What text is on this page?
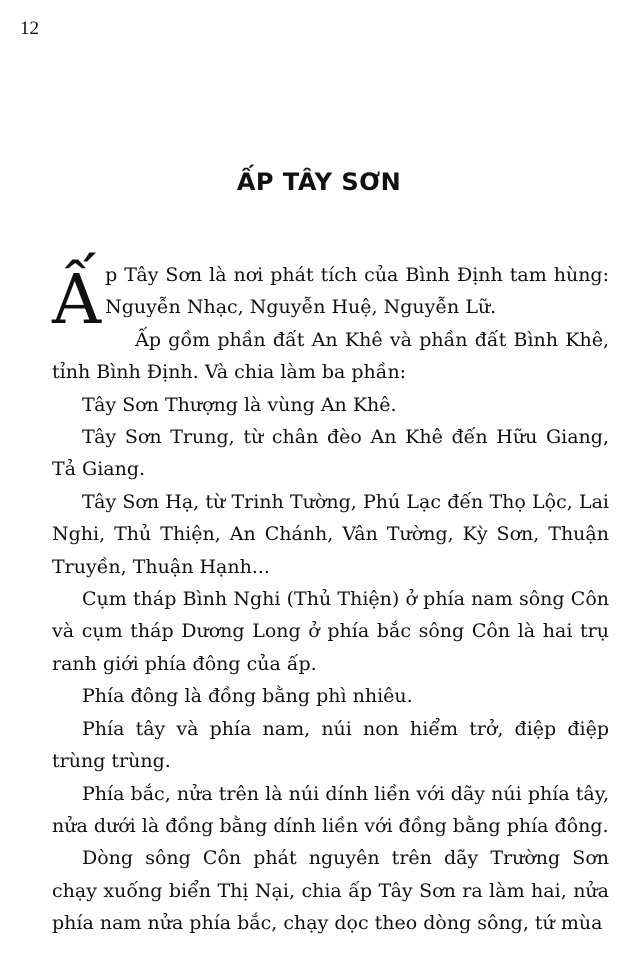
12
ẤP TÂY SƠN

Ấp Tây Sơn là nơi phát tích của Bình Định tam hùng: Nguyễn Nhạc, Nguyễn Huệ, Nguyễn Lữ.

Ấp gồm phần đất An Khê và phần đất Bình Khê, tỉnh Bình Định. Và chia làm ba phần:

Tây Sơn Thượng là vùng An Khê.

Tây Sơn Trung, từ chân đèo An Khê đến Hữu Giang, Tả Giang.

Tây Sơn Hạ, từ Trinh Tường, Phú Lạc đến Thọ Lộc, Lai Nghi, Thủ Thiện, An Chánh, Vân Tường, Kỳ Sơn, Thuận Truyền, Thuận Hạnh...

Cụm tháp Bình Nghi (Thủ Thiện) ở phía nam sông Côn và cụm tháp Dương Long ở phía bắc sông Côn là hai trụ ranh giới phía đông của ấp.

Phía đông là đồng bằng phì nhiêu.

Phía tây và phía nam, núi non hiểm trở, điệp điệp trùng trùng.

Phía bắc, nửa trên là núi dính liền với dãy núi phía tây, nửa dưới là đồng bằng dính liền với đồng bằng phía đông.

Dòng sông Côn phát nguyên trên dãy Trường Sơn chạy xuống biển Thị Nại, chia ấp Tây Sơn ra làm hai, nửa phía nam nửa phía bắc, chạy dọc theo dòng sông, tứ mùa
